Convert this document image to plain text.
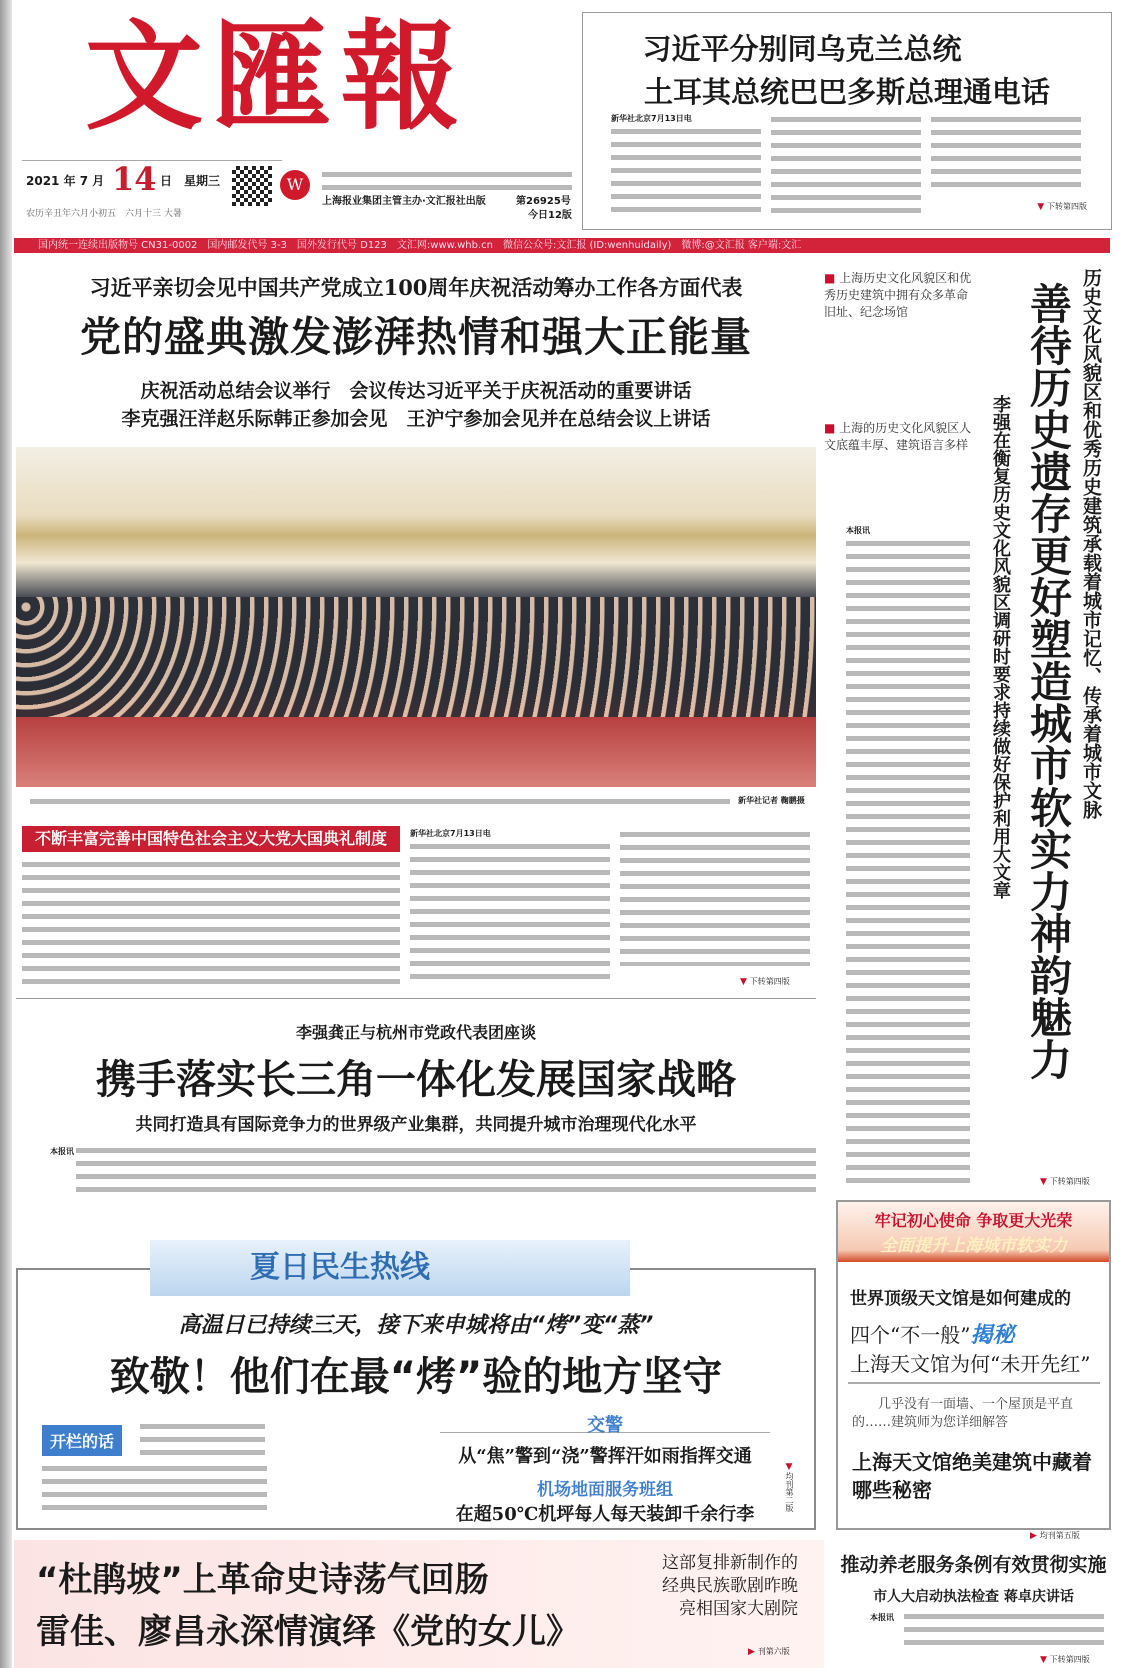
文匯報
2021 年 7 月 14 日　星期三
农历辛丑年六月小初五　六月十三 大暑
W
上海报业集团主管主办·文汇报社出版	第26925号
今日12版
习近平分别同乌克兰总统
土耳其总统巴巴多斯总理通电话
新华社北京7月13日电
▼ 下转第四版
国内统一连续出版物号 CN31-0002　国内邮发代号 3-3　国外发行代号 D123　文汇网:www.whb.cn　微信公众号:文汇报 (ID:wenhuidaily)　微博:@文汇报 客户端:文汇
习近平亲切会见中国共产党成立100周年庆祝活动筹办工作各方面代表
党的盛典激发澎湃热情和强大正能量
庆祝活动总结会议举行　会议传达习近平关于庆祝活动的重要讲话
李克强汪洋赵乐际韩正参加会见　王沪宁参加会见并在总结会议上讲话
新华社记者 鞠鹏摄
不断丰富完善中国特色社会主义大党大国典礼制度	新华社北京7月13日电
▼ 下转第四版
■ 上海历史文化风貌区和优秀历史建筑中拥有众多革命旧址、纪念场馆
■ 上海的历史文化风貌区人文底蕴丰厚、建筑语言多样
本报讯
▼ 下转第四版
历史文化风貌区和优秀历史建筑承载着城市记忆、传承着城市文脉
善待历史遗存更好塑造城市软实力神韵魅力
李强在衡复历史文化风貌区调研时要求持续做好保护利用大文章
李强龚正与杭州市党政代表团座谈
携手落实长三角一体化发展国家战略
共同打造具有国际竞争力的世界级产业集群，共同提升城市治理现代化水平
本报讯
夏日民生热线
高温日已持续三天，接下来申城将由“烤”变“蒸”
致敬！他们在最“烤”验的地方坚守
开栏的话
交警
从“焦”警到“浇”警挥汗如雨指挥交通
机场地面服务班组
在超50℃机坪每人每天装卸千余行李
▼均刊第二版
牢记初心使命 争取更大光荣
全面提升上海城市软实力
世界顶级天文馆是如何建成的
四个“不一般”揭秘
上海天文馆为何“未开先红”
几乎没有一面墙、一个屋顶是平直的……建筑师为您详细解答
上海天文馆绝美建筑中藏着哪些秘密
▶ 均刊第五版
推动养老服务条例有效贯彻实施
市人大启动执法检查 蒋卓庆讲话
本报讯
▼ 下转第四版
“杜鹃坡”上革命史诗荡气回肠
雷佳、廖昌永深情演绎《党的女儿》
这部复排新制作的经典民族歌剧昨晚亮相国家大剧院
▶ 刊第六版
